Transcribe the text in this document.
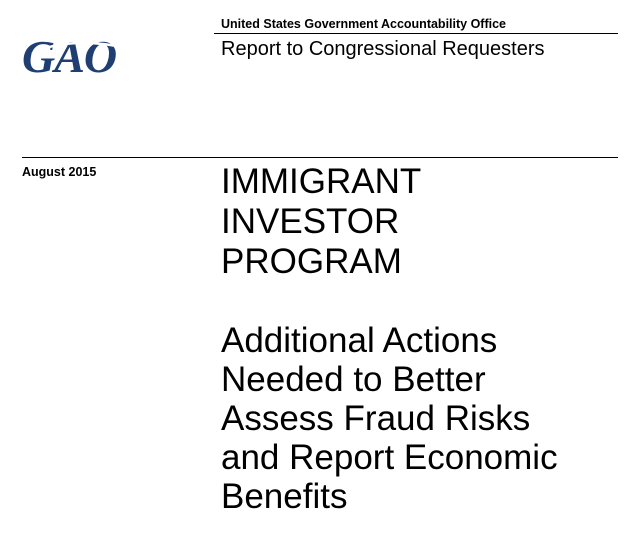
GAO
United States Government Accountability Office
Report to Congressional Requesters
August 2015	IMMIGRANT
INVESTOR
PROGRAM
Additional Actions
Needed to Better
Assess Fraud Risks
and Report Economic
Benefits
